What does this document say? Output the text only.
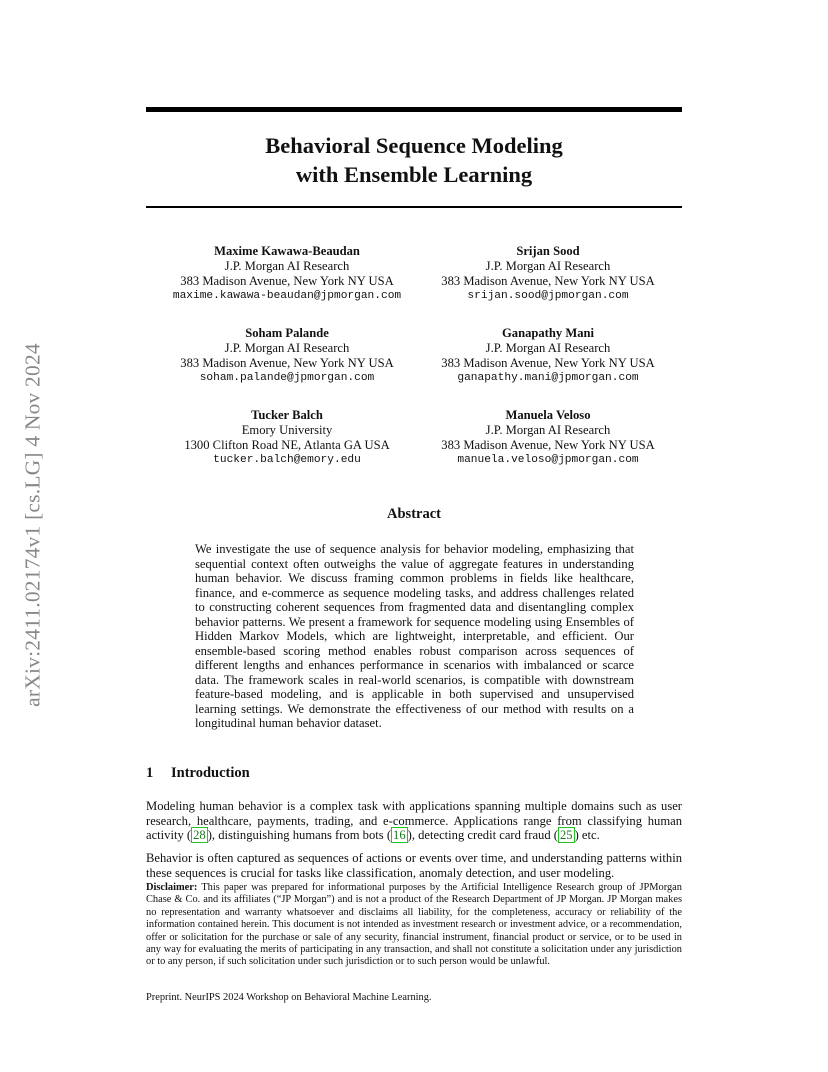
arXiv:2411.02174v1 [cs.LG] 4 Nov 2024
Behavioral Sequence Modeling
with Ensemble Learning
Maxime Kawawa-Beaudan
J.P. Morgan AI Research
383 Madison Avenue, New York NY USA
maxime.kawawa-beaudan@jpmorgan.com
Srijan Sood
J.P. Morgan AI Research
383 Madison Avenue, New York NY USA
srijan.sood@jpmorgan.com
Soham Palande
J.P. Morgan AI Research
383 Madison Avenue, New York NY USA
soham.palande@jpmorgan.com
Ganapathy Mani
J.P. Morgan AI Research
383 Madison Avenue, New York NY USA
ganapathy.mani@jpmorgan.com
Tucker Balch
Emory University
1300 Clifton Road NE, Atlanta GA USA
tucker.balch@emory.edu
Manuela Veloso
J.P. Morgan AI Research
383 Madison Avenue, New York NY USA
manuela.veloso@jpmorgan.com
Abstract
We investigate the use of sequence analysis for behavior modeling, emphasizing that sequential context often outweighs the value of aggregate features in understanding human behavior. We discuss framing common problems in fields like healthcare, finance, and e-commerce as sequence modeling tasks, and address challenges related to constructing coherent sequences from fragmented data and disentangling complex behavior patterns. We present a framework for sequence modeling using Ensembles of Hidden Markov Models, which are lightweight, interpretable, and efficient. Our ensemble-based scoring method enables robust comparison across sequences of different lengths and enhances performance in scenarios with imbalanced or scarce data. The framework scales in real-world scenarios, is compatible with downstream feature-based modeling, and is applicable in both supervised and unsupervised learning settings. We demonstrate the effectiveness of our method with results on a longitudinal human behavior dataset.
1 Introduction
Modeling human behavior is a complex task with applications spanning multiple domains such as user research, healthcare, payments, trading, and e-commerce. Applications range from classifying human activity ( 28 ), distinguishing humans from bots ( 16 ), detecting credit card fraud ( 25 ) etc.
Behavior is often captured as sequences of actions or events over time, and understanding patterns within these sequences is crucial for tasks like classification, anomaly detection, and user modeling.
Disclaimer: This paper was prepared for informational purposes by the Artificial Intelligence Research group of JPMorgan Chase & Co. and its affiliates (“JP Morgan”) and is not a product of the Research Department of JP Morgan. JP Morgan makes no representation and warranty whatsoever and disclaims all liability, for the completeness, accuracy or reliability of the information contained herein. This document is not intended as investment research or investment advice, or a recommendation, offer or solicitation for the purchase or sale of any security, financial instrument, financial product or service, or to be used in any way for evaluating the merits of participating in any transaction, and shall not constitute a solicitation under any jurisdiction or to any person, if such solicitation under such jurisdiction or to such person would be unlawful.
Preprint. NeurIPS 2024 Workshop on Behavioral Machine Learning.
